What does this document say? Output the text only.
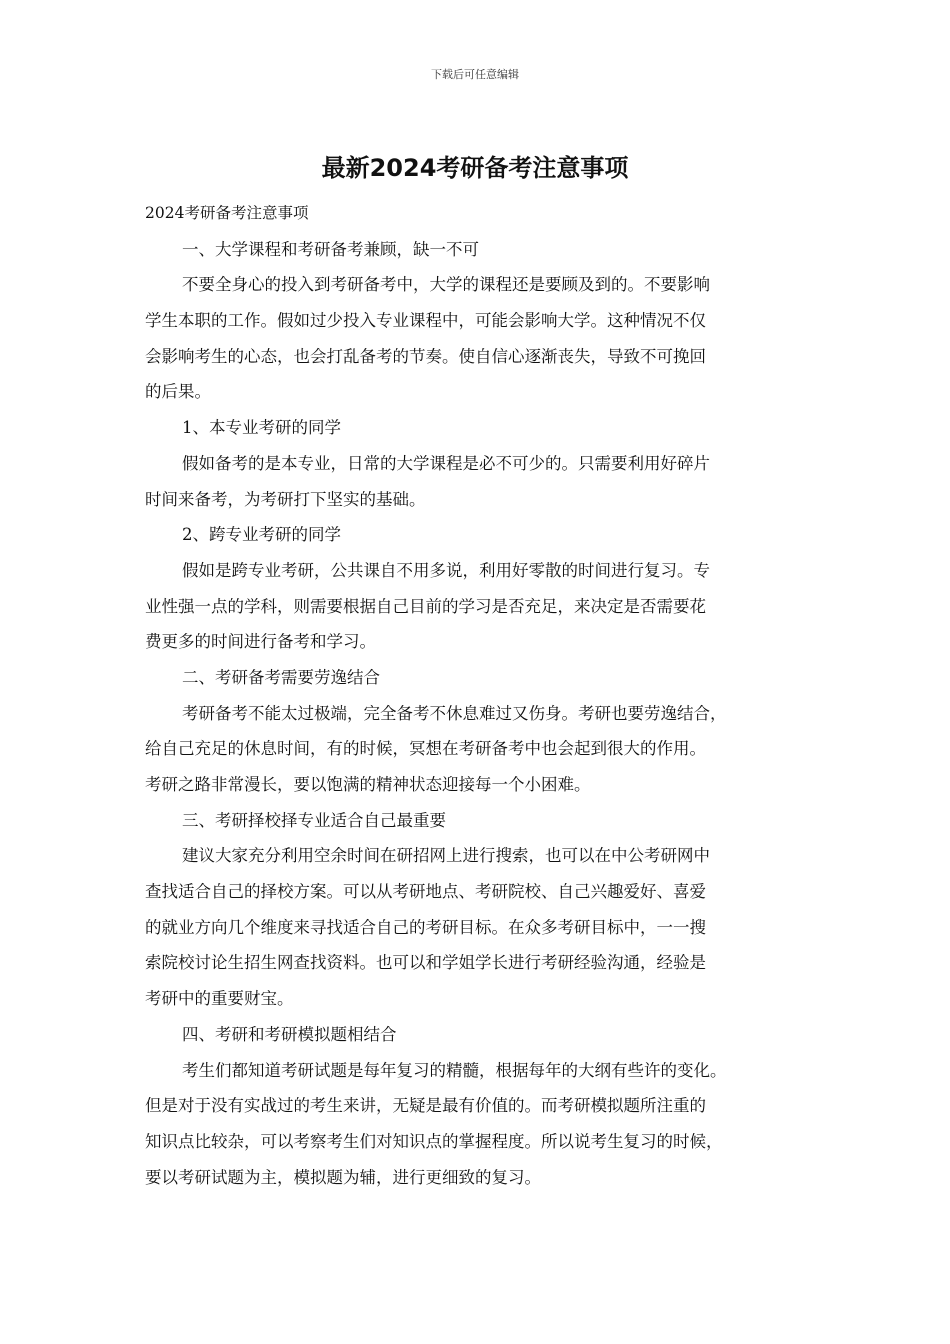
下载后可任意编辑
最新2024考研备考注意事项
2024考研备考注意事项
一、大学课程和考研备考兼顾，缺一不可
不要全身心的投入到考研备考中，大学的课程还是要顾及到的。不要影响
学生本职的工作。假如过少投入专业课程中，可能会影响大学。这种情况不仅
会影响考生的心态，也会打乱备考的节奏。使自信心逐渐丧失，导致不可挽回
的后果。
1、本专业考研的同学
假如备考的是本专业，日常的大学课程是必不可少的。只需要利用好碎片
时间来备考，为考研打下坚实的基础。
2、跨专业考研的同学
假如是跨专业考研，公共课自不用多说，利用好零散的时间进行复习。专
业性强一点的学科，则需要根据自己目前的学习是否充足，来决定是否需要花
费更多的时间进行备考和学习。
二、考研备考需要劳逸结合
考研备考不能太过极端，完全备考不休息难过又伤身。考研也要劳逸结合，
给自己充足的休息时间，有的时候，冥想在考研备考中也会起到很大的作用。
考研之路非常漫长，要以饱满的精神状态迎接每一个小困难。
三、考研择校择专业适合自己最重要
建议大家充分利用空余时间在研招网上进行搜索，也可以在中公考研网中
查找适合自己的择校方案。可以从考研地点、考研院校、自己兴趣爱好、喜爱
的就业方向几个维度来寻找适合自己的考研目标。在众多考研目标中，一一搜
索院校讨论生招生网查找资料。也可以和学姐学长进行考研经验沟通，经验是
考研中的重要财宝。
四、考研和考研模拟题相结合
考生们都知道考研试题是每年复习的精髓，根据每年的大纲有些许的变化。
但是对于没有实战过的考生来讲，无疑是最有价值的。而考研模拟题所注重的
知识点比较杂，可以考察考生们对知识点的掌握程度。所以说考生复习的时候，
要以考研试题为主，模拟题为辅，进行更细致的复习。
